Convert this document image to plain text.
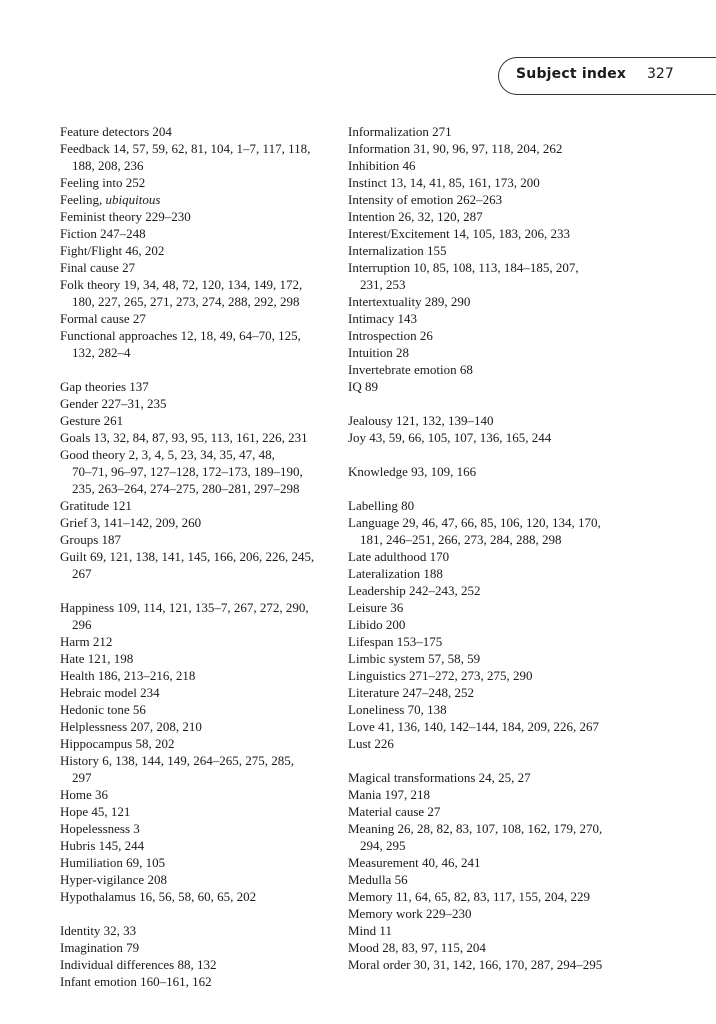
Subject index 327

Feature detectors 204

Feedback 14, 57, 59, 62, 81, 104, 1–7, 117, 118,
188, 208, 236

Feeling into 252

Feeling, ubiquitous

Feminist theory 229–230

Fiction 247–248

Fight/Flight 46, 202

Final cause 27

Folk theory 19, 34, 48, 72, 120, 134, 149, 172,
180, 227, 265, 271, 273, 274, 288, 292, 298

Formal cause 27

Functional approaches 12, 18, 49, 64–70, 125,
132, 282–4

Gap theories 137

Gender 227–31, 235

Gesture 261

Goals 13, 32, 84, 87, 93, 95, 113, 161, 226, 231

Good theory 2, 3, 4, 5, 23, 34, 35, 47, 48,
70–71, 96–97, 127–128, 172–173, 189–190,
235, 263–264, 274–275, 280–281, 297–298

Gratitude 121

Grief 3, 141–142, 209, 260

Groups 187

Guilt 69, 121, 138, 141, 145, 166, 206, 226, 245,
267

Happiness 109, 114, 121, 135–7, 267, 272, 290,
296

Harm 212

Hate 121, 198

Health 186, 213–216, 218

Hebraic model 234

Hedonic tone 56

Helplessness 207, 208, 210

Hippocampus 58, 202

History 6, 138, 144, 149, 264–265, 275, 285,
297

Home 36

Hope 45, 121

Hopelessness 3

Hubris 145, 244

Humiliation 69, 105

Hyper-vigilance 208

Hypothalamus 16, 56, 58, 60, 65, 202

Identity 32, 33

Imagination 79

Individual differences 88, 132

Infant emotion 160–161, 162

Informalization 271

Information 31, 90, 96, 97, 118, 204, 262

Inhibition 46

Instinct 13, 14, 41, 85, 161, 173, 200

Intensity of emotion 262–263

Intention 26, 32, 120, 287

Interest/Excitement 14, 105, 183, 206, 233

Internalization 155

Interruption 10, 85, 108, 113, 184–185, 207,
231, 253

Intertextuality 289, 290

Intimacy 143

Introspection 26

Intuition 28

Invertebrate emotion 68

IQ 89

Jealousy 121, 132, 139–140

Joy 43, 59, 66, 105, 107, 136, 165, 244

Knowledge 93, 109, 166

Labelling 80

Language 29, 46, 47, 66, 85, 106, 120, 134, 170,
181, 246–251, 266, 273, 284, 288, 298

Late adulthood 170

Lateralization 188

Leadership 242–243, 252

Leisure 36

Libido 200

Lifespan 153–175

Limbic system 57, 58, 59

Linguistics 271–272, 273, 275, 290

Literature 247–248, 252

Loneliness 70, 138

Love 41, 136, 140, 142–144, 184, 209, 226, 267

Lust 226

Magical transformations 24, 25, 27

Mania 197, 218

Material cause 27

Meaning 26, 28, 82, 83, 107, 108, 162, 179, 270,
294, 295

Measurement 40, 46, 241

Medulla 56

Memory 11, 64, 65, 82, 83, 117, 155, 204, 229

Memory work 229–230

Mind 11

Mood 28, 83, 97, 115, 204

Moral order 30, 31, 142, 166, 170, 287, 294–295
